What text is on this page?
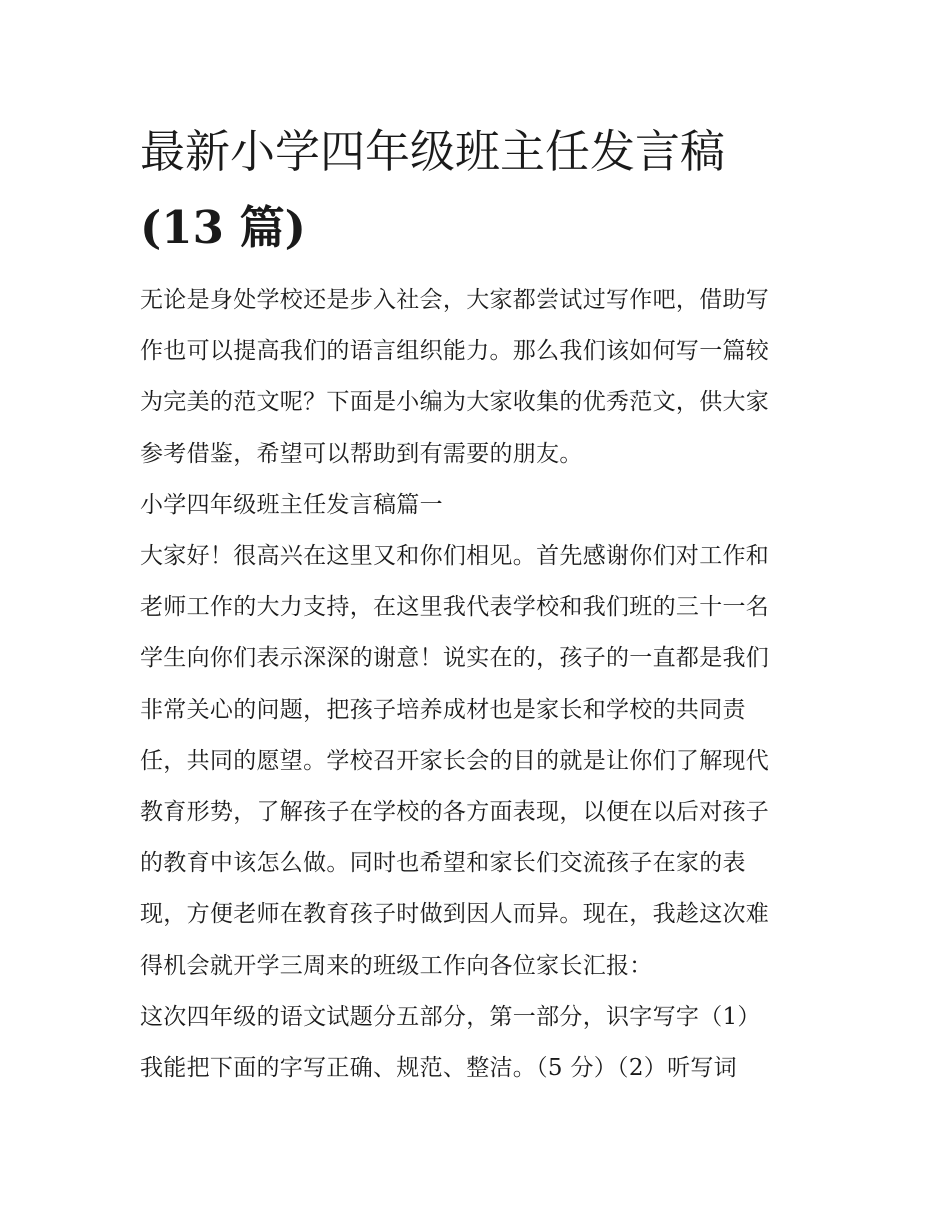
最新小学四年级班主任发言稿
(13 篇)
无论是身处学校还是步入社会，大家都尝试过写作吧，借助写
作也可以提高我们的语言组织能力。那么我们该如何写一篇较
为完美的范文呢？下面是小编为大家收集的优秀范文，供大家
参考借鉴，希望可以帮助到有需要的朋友。
小学四年级班主任发言稿篇一
大家好！很高兴在这里又和你们相见。首先感谢你们对工作和
老师工作的大力支持，在这里我代表学校和我们班的三十一名
学生向你们表示深深的谢意！说实在的，孩子的一直都是我们
非常关心的问题，把孩子培养成材也是家长和学校的共同责
任，共同的愿望。学校召开家长会的目的就是让你们了解现代
教育形势，了解孩子在学校的各方面表现，以便在以后对孩子
的教育中该怎么做。同时也希望和家长们交流孩子在家的表
现，方便老师在教育孩子时做到因人而异。现在，我趁这次难
得机会就开学三周来的班级工作向各位家长汇报：
这次四年级的语文试题分五部分，第一部分，识字写字（1）
我能把下面的字写正确、规范、整洁。（5 分）（2）听写词
